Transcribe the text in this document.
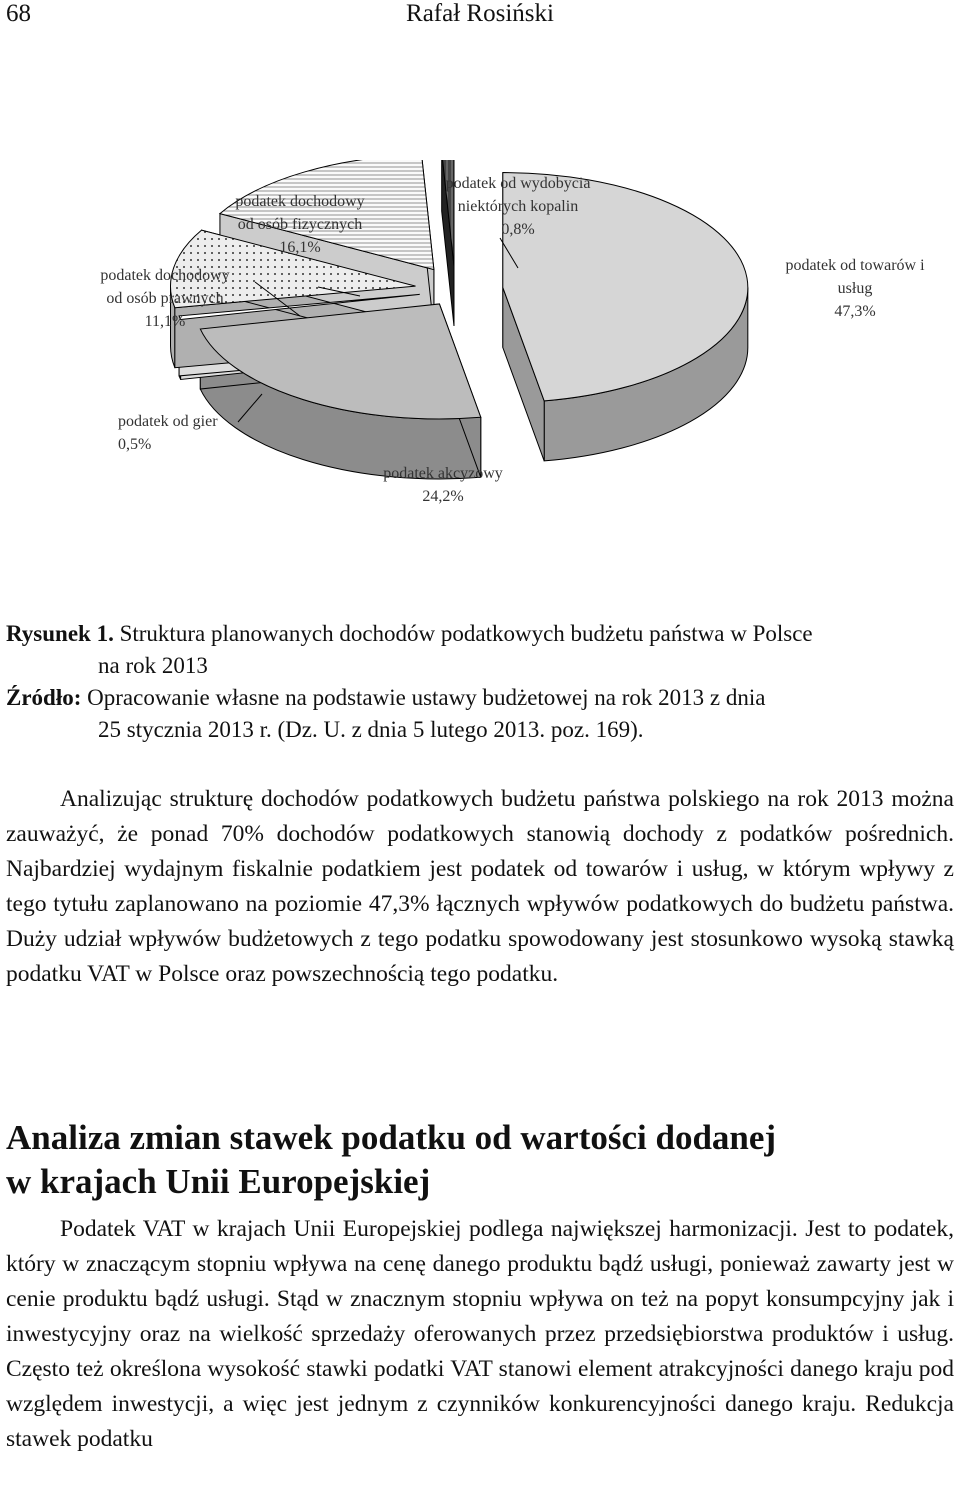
68	Rafał Rosiński
podatek od towarów i usług 47,3%
podatek akcyzowy 24,2%
podatek od gier 0,5%
podatek dochodowy od osób prawnych 11,1%
podatek dochodowy od osób fizycznych 16,1%
podatek od wydobycia niektórych kopalin 0,8%
Rysunek 1. Struktura planowanych dochodów podatkowych budżetu państwa w Polsce
na rok 2013
Źródło: Opracowanie własne na podstawie ustawy budżetowej na rok 2013 z dnia
25 stycznia 2013 r. (Dz. U. z dnia 5 lutego 2013. poz. 169).
Analizując strukturę dochodów podatkowych budżetu państwa polskiego na rok 2013 można zauważyć, że ponad 70% dochodów podatkowych stanowią dochody z podatków pośrednich. Najbardziej wydajnym fiskalnie podatkiem jest podatek od towarów i usług, w którym wpływy z tego tytułu zaplanowano na poziomie 47,3% łącznych wpływów podatkowych do budżetu państwa. Duży udział wpływów budżetowych z tego podatku spowodowany jest stosunkowo wysoką stawką podatku VAT w Polsce oraz powszechnością tego podatku.
Analiza zmian stawek podatku od wartości dodanej
w krajach Unii Europejskiej
Podatek VAT w krajach Unii Europejskiej podlega największej harmonizacji. Jest to podatek, który w znaczącym stopniu wpływa na cenę danego produktu bądź usługi, ponieważ zawarty jest w cenie produktu bądź usługi. Stąd w znacznym stopniu wpływa on też na popyt konsumpcyjny jak i inwestycyjny oraz na wielkość sprzedaży oferowanych przez przedsiębiorstwa produktów i usług. Często też określona wysokość stawki podatki VAT stanowi element atrakcyjności danego kraju pod względem inwestycji, a więc jest jednym z czynników konkurencyjności danego kraju. Redukcja stawek podatku
